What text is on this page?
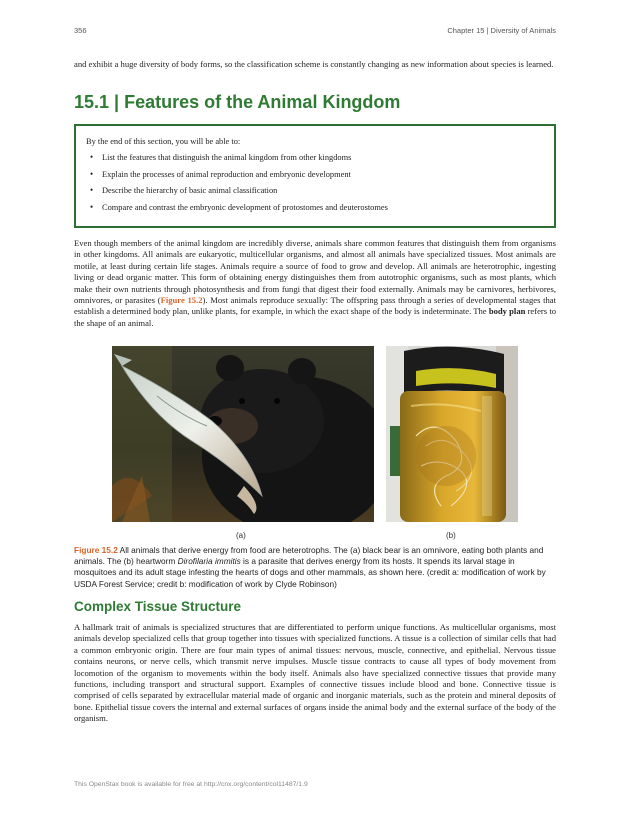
356	Chapter 15 | Diversity of Animals

and exhibit a huge diversity of body forms, so the classification scheme is constantly changing as new information about species is learned.

15.1 | Features of the Animal Kingdom

By the end of this section, you will be able to:

• List the features that distinguish the animal kingdom from other kingdoms
• Explain the processes of animal reproduction and embryonic development
• Describe the hierarchy of basic animal classification
• Compare and contrast the embryonic development of protostomes and deuterostomes

Even though members of the animal kingdom are incredibly diverse, animals share common features that distinguish them from organisms in other kingdoms. All animals are eukaryotic, multicellular organisms, and almost all animals have specialized tissues. Most animals are motile, at least during certain life stages. Animals require a source of food to grow and develop. All animals are heterotrophic, ingesting living or dead organic matter. This form of obtaining energy distinguishes them from autotrophic organisms, such as most plants, which make their own nutrients through photosynthesis and from fungi that digest their food externally. Animals may be carnivores, herbivores, omnivores, or parasites (Figure 15.2). Most animals reproduce sexually: The offspring pass through a series of developmental stages that establish a determined body plan, unlike plants, for example, in which the exact shape of the body is indeterminate. The body plan refers to the shape of an animal.

(a)	(b)

Figure 15.2 All animals that derive energy from food are heterotrophs. The (a) black bear is an omnivore, eating both plants and animals. The (b) heartworm Dirofilaria immitis is a parasite that derives energy from its hosts. It spends its larval stage in mosquitoes and its adult stage infesting the hearts of dogs and other mammals, as shown here. (credit a: modification of work by USDA Forest Service; credit b: modification of work by Clyde Robinson)

Complex Tissue Structure

A hallmark trait of animals is specialized structures that are differentiated to perform unique functions. As multicellular organisms, most animals develop specialized cells that group together into tissues with specialized functions. A tissue is a collection of similar cells that had a common embryonic origin. There are four main types of animal tissues: nervous, muscle, connective, and epithelial. Nervous tissue contains neurons, or nerve cells, which transmit nerve impulses. Muscle tissue contracts to cause all types of body movement from locomotion of the organism to movements within the body itself. Animals also have specialized connective tissues that provide many functions, including transport and structural support. Examples of connective tissues include blood and bone. Connective tissue is comprised of cells separated by extracellular material made of organic and inorganic materials, such as the protein and mineral deposits of bone. Epithelial tissue covers the internal and external surfaces of organs inside the animal body and the external surface of the body of the organism.

This OpenStax book is available for free at http://cnx.org/content/col11487/1.9
